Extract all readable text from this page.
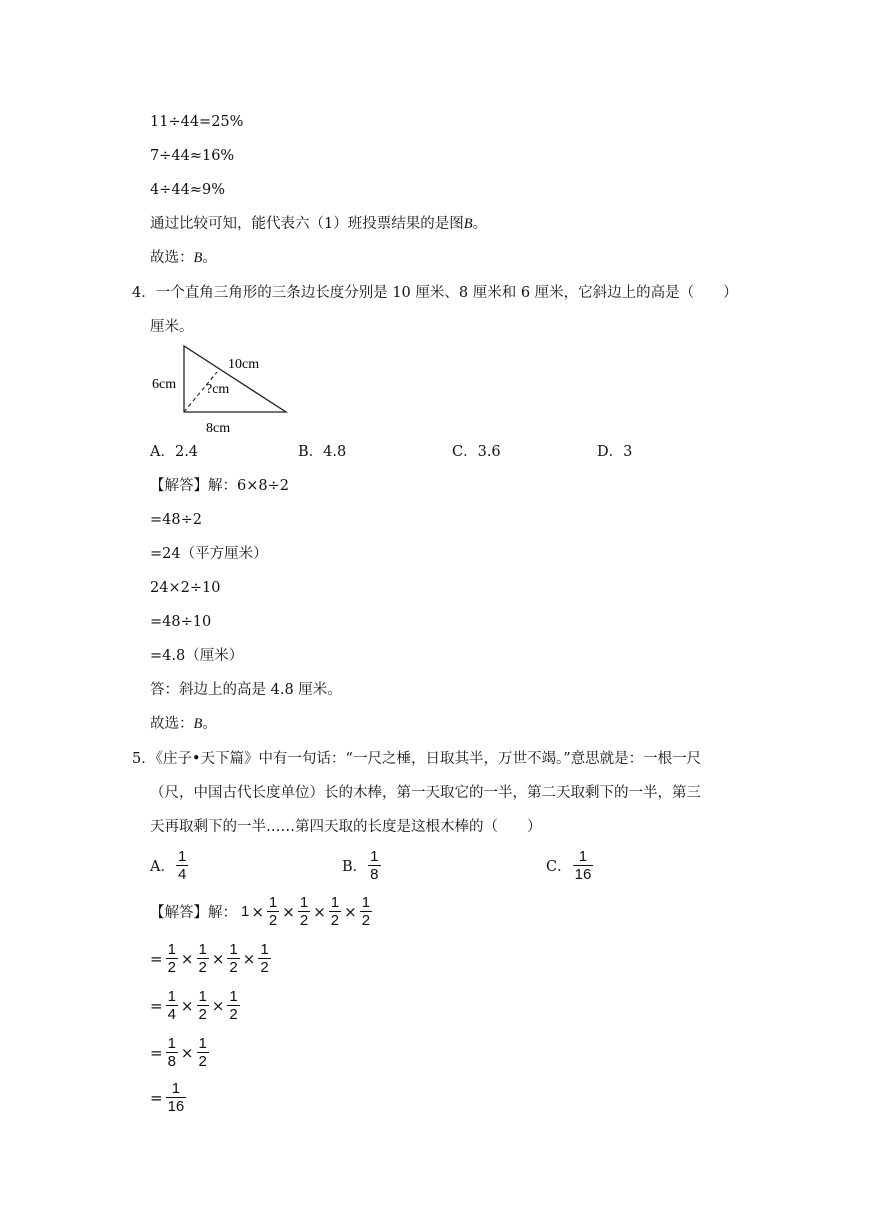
11÷44=25%
7÷44≈16%
4÷44≈9%
通过比较可知，能代表六（1）班投票结果的是图B。
故选：B。
4．一个直角三角形的三条边长度分别是 10 厘米、8 厘米和 6 厘米，它斜边上的高是（　　）
厘米。
6cm
10cm
?cm
8cm
A．2.4	B．4.8	C．3.6	D．3
【解答】解：6×8÷2
=48÷2
=24（平方厘米）
24×2÷10
=48÷10
=4.8（厘米）
答：斜边上的高是 4.8 厘米。
故选：B。
5．《庄子•天下篇》中有一句话：“一尺之棰，日取其半，万世不竭。”意思就是：一根一尺
（尺，中国古代长度单位）长的木棒，第一天取它的一半，第二天取剩下的一半，第三
天再取剩下的一半……第四天取的长度是这根木棒的（　　）
A． $\frac{1}{4}$	B． $\frac{1}{8}$	C． $\frac{1}{16}$
【解答】解： $1 \times \frac{1}{2} \times \frac{1}{2} \times \frac{1}{2} \times \frac{1}{2}$
= $\frac{1}{2} \times \frac{1}{2} \times \frac{1}{2} \times \frac{1}{2}$
= $\frac{1}{4} \times \frac{1}{2} \times \frac{1}{2}$
= $\frac{1}{8} \times \frac{1}{2}$
= $\frac{1}{16}$
